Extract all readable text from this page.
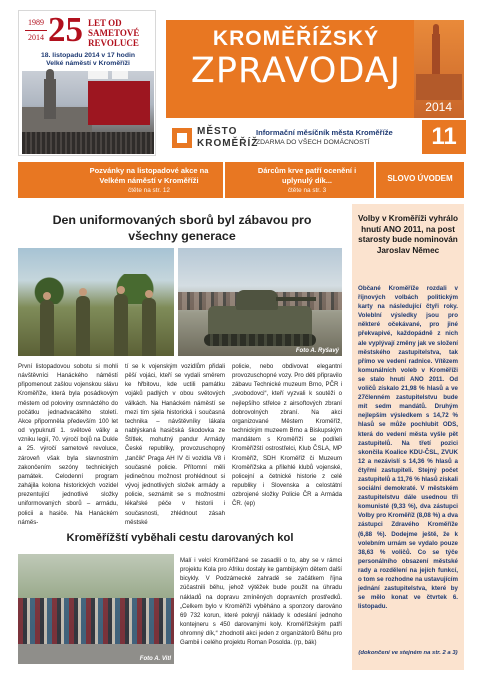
1989
2014 25 LET OD
SAMETOVÉ
REVOLUCE
18. listopadu 2014 v 17 hodin
Velké náměstí v Kroměříži
KROMĚŘÍŽSKÝ
ZPRAVODAJ
2014
MĚSTO
KROMĚŘÍŽ
Informační měsíčník města Kroměříže
ZDARMA DO VŠECH DOMÁCNOSTÍ	11
Pozvánky na listopadové akce na Velkém náměstí v Kroměříži
čtěte na str. 12
Dárcům krve patří ocenění i uplynulý dík...
čtěte na str. 3
SLOVO ÚVODEM
Den uniformovaných sborů byl zábavou pro všechny generace
Foto A. Ryšavý
První listopadovou sobotu si mohli návštěvníci Hanáckého náměstí připomenout zašlou vojenskou slávu Kroměříže, která byla posádkovým městem od poloviny osmnáctého do počátku jednadvacátého století. Akce připomněla především 100 let od vypuknutí 1. světové války a vzniku legií, 70. výročí bojů na Dukle a 25. výročí sametové revoluce, zároveň však byla slavnostním zakončením sezóny technických památek. Celodenní program zahájila kolona historických vozidel prezentující jednotlivé složky uniformovaných sborů – armádu, policii a hasiče. Na Hanáckém náměs-
tí se k vojenským vozidlům přidali pěší vojáci, kteří se vydali směrem ke hřbitovu, kde uctili památku vojáků padlých v obou světových válkách. Na Hanáckém náměstí se mezi tím sjela historická i současná technika – návštěvníky lákala nablýskaná hasičská škodovka ze Štítlek, mohutný pandur Armády České republiky, provozuschopný „tančík“ Praga AH IV či vozidla V8 i současné policie. Přítomní měli jedinečnou možnost prohlédnout si vývoj jednotlivých složek armády a policie, seznámit se s možnostmi lékařské péče v historii i současnosti, zhlédnout zásah městské
policie, nebo obdivovat elegantní provozuschopné vozy. Pro děti připravilo zábavu Technické muzeum Brno, PČR i „svobodovci“, kteří vyzvali k soutěži o nejlepšího střelce z airsoftových zbraní dobrovolných zbraní. Na akci organizované Městem Kroměříž, technickým muzeem Brno a Biskupským mandátem s Kroměříží se podíleli Kroměřížští ostrostřelci, Klub ČSLA, MP Kroměříž, SDH Kroměříž či Muzeum Kroměřížska a přilehlé klubů vojenské, policejní a četnické historie z celé republiky i Slovenska a celostátní ozbrojené složky Policie ČR a Armáda ČR. (ep)
Kroměřížští vyběhali cestu darovaných kol
Foto A. Vitl
Malí i velcí Kroměřížané se zasadili o to, aby se v rámci projektu Kola pro Afriku dostaly ke gambijským dětem další bicykly. V Podzámecké zahradě se začátkem října zúčastnili běhu, jehož výtěžek bude použit na úhradu nákladů na dopravu zmíněných dopravních prostředků. „Celkem bylo v Kroměříži vyběháno a sponzory darováno 69 732 korun, které pokryjí náklady k odeslání jednoho kontejneru s 450 darovanými koly. Kroměřížským patří ohromný dík,“ zhodnotil akci jeden z organizátorů Běhu pro Gambii i celého projektu Roman Posolda. (rp, bák)
Volby v Kroměříži vyhrálo hnutí ANO 2011, na post starosty bude nominován Jaroslav Němec
Občané Kroměříže rozdali v říjnových volbách politickým karty na následující čtyři roky. Voleblní výsledky jsou pro některé očekávané, pro jiné překvapivé, každopádně z nich ale vyplývají změny jak ve složení městského zastupitelstva, tak přímo ve vedení radnice. Vítězem komunálních voleb v Kroměříži se stalo hnutí ANO 2011. Od voličů získalo 21,98 % hlasů a ve 27členném zastupitelstvu bude mít sedm mandátů. Druhým nejlepším výsledkem s 14,72 % hlasů se může pochlubit ODS, která do vedení města vyšle pět zastupitelů. Na třetí pozici skončila Koalice KDU-ČSL, ZVUK 12 a nezávislí s 14,36 % hlasů a čtyřmi zastupiteli. Stejný počet zastupitelů a 11,76 % hlasů získali sociální demokraté. V městském zastupitelstvu dále usednou tři komunisté (9,33 %), dva zástupci Volby pro Kroměříž (8,08 %) a dva zástupci Zdravého Kroměříže (6,88 %). Dodejme ještě, že k volebním urnám se vydalo pouze 38,63 % voličů. Co se týče personálního obsazení městské rady a rozdělení na jejích funkcí, o tom se rozhodne na ustavujícím jednání zastupitelstva, které by se mělo konat ve čtvrtek 6. listopadu.
(dokončení ve stejném na str. 2 a 3)
